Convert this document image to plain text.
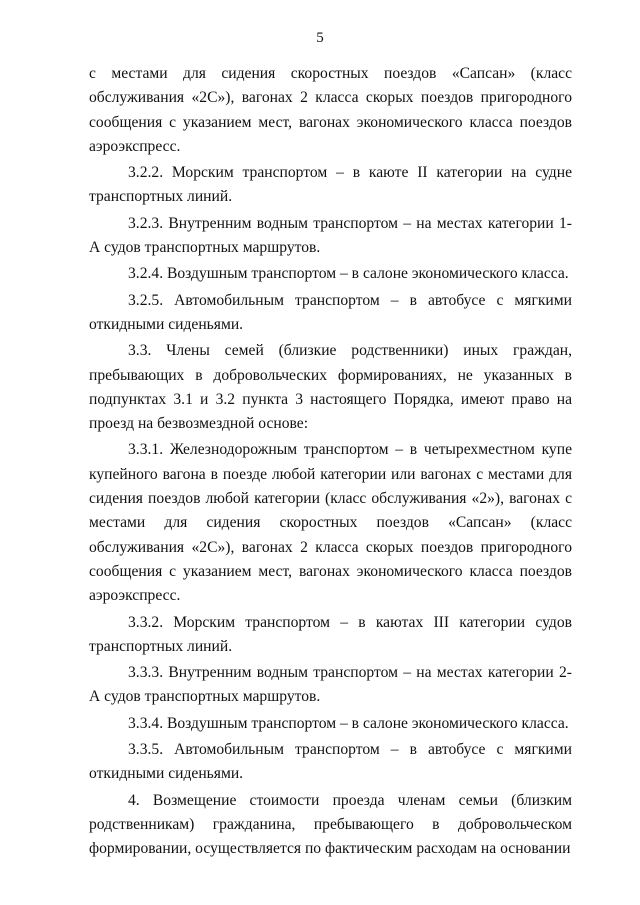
5

с местами для сидения скоростных поездов «Сапсан» (класс обслуживания «2С»), вагонах 2 класса скорых поездов пригородного сообщения с указанием мест, вагонах экономического класса поездов аэроэкспресс.

3.2.2. Морским транспортом – в каюте II категории на судне транспортных линий.

3.2.3. Внутренним водным транспортом – на местах категории 1-А судов транспортных маршрутов.

3.2.4. Воздушным транспортом – в салоне экономического класса.

3.2.5. Автомобильным транспортом – в автобусе с мягкими откидными сиденьями.

3.3. Члены семей (близкие родственники) иных граждан, пребывающих в добровольческих формированиях, не указанных в подпунктах 3.1 и 3.2 пункта 3 настоящего Порядка, имеют право на проезд на безвозмездной основе:

3.3.1. Железнодорожным транспортом – в четырехместном купе купейного вагона в поезде любой категории или вагонах с местами для сидения поездов любой категории (класс обслуживания «2»), вагонах с местами для сидения скоростных поездов «Сапсан» (класс обслуживания «2С»), вагонах 2 класса скорых поездов пригородного сообщения с указанием мест, вагонах экономического класса поездов аэроэкспресс.

3.3.2. Морским транспортом – в каютах III категории судов транспортных линий.

3.3.3. Внутренним водным транспортом – на местах категории 2-А судов транспортных маршрутов.

3.3.4. Воздушным транспортом – в салоне экономического класса.

3.3.5. Автомобильным транспортом – в автобусе с мягкими откидными сиденьями.

4. Возмещение стоимости проезда членам семьи (близким родственникам) гражданина, пребывающего в добровольческом формировании, осуществляется по фактическим расходам на основании
